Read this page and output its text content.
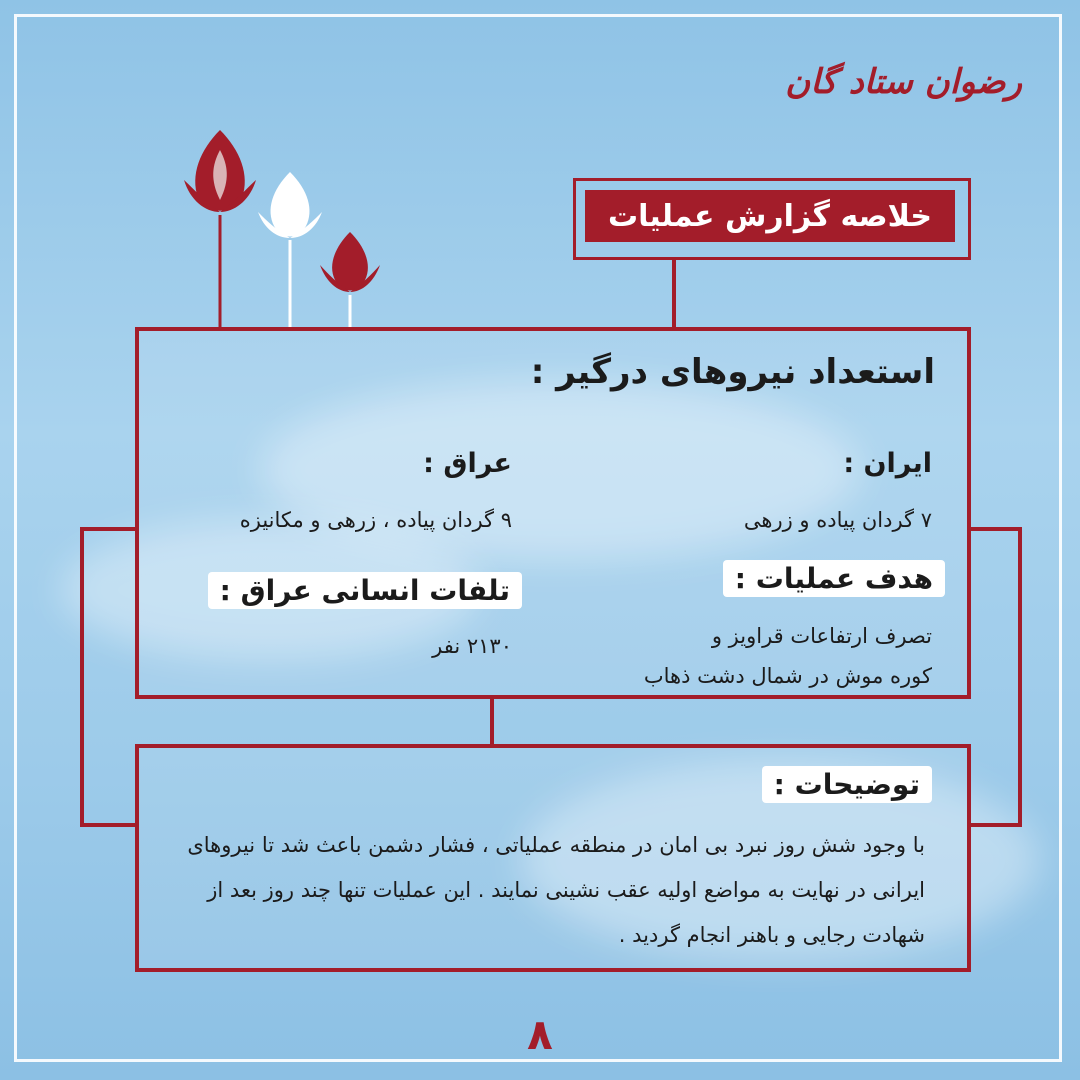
رضوان ستاد گان
خلاصه گزارش عملیات
استعداد نیروهای درگیر :
ایران :
۷ گردان پیاده و زرهی
عراق :
۹ گردان پیاده ، زرهی و مکانیزه
هدف عملیات :
تصرف ارتفاعات قراویز و
کوره موش در شمال دشت ذهاب
تلفات انسانی عراق :
۲۱۳۰ نفر
توضیحات :
با وجود شش روز نبرد بی امان در منطقه عملیاتی ، فشار دشمن باعث شد تا نیروهای ایرانی در نهایت به مواضع اولیه عقب نشینی نمایند . این عملیات تنها چند روز بعد از شهادت رجایی و باهنر انجام گردید .
۸
